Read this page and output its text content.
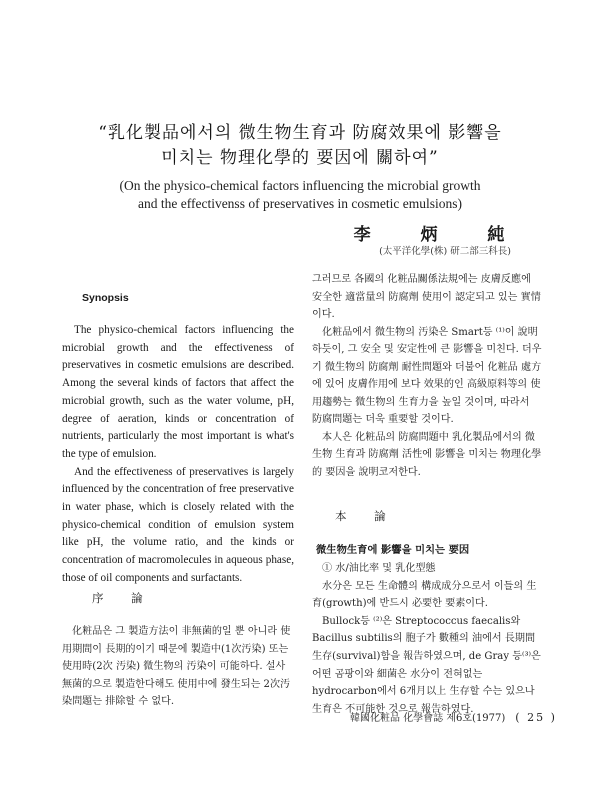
“乳化製品에서의 微生物生育과 防腐效果에 影響을
미치는 物理化學的 要因에 關하여”
(On the physico-chemical factors influencing the microbial growth
and the effectivenss of preservatives in cosmetic emulsions)
李 炳 純
(太平洋化學(株) 研二部三科長)
Synopsis

The physico-chemical factors influencing the microbial growth and the effectiveness of preservatives in cosmetic emulsions are described. Among the several kinds of factors that affect the microbial growth, such as the water volume, pH, degree of aeration, kinds or concentration of nutrients, particularly the most important is what's the type of emulsion.

And the effectiveness of preservatives is largely influenced by the concentration of free preservative in water phase, which is closely related with the physico-chemical condition of emulsion system like pH, the volume ratio, and the kinds or concentration of macromolecules in aqueous phase, those of oil components and surfactants.

序 論

化粧品은 그 製造方法이 非無菌的일 뿐 아니라 使用期間이 長期的이기 때문에 製造中(1次汚染) 또는 使用時(2次 汚染) 微生物의 汚染이 可能하다. 설사 無菌的으로 製造한다해도 使用中에 發生되는 2次汚染問題는 排除할 수 없다.

그러므로 各國의 化粧品關係法規에는 皮膚反應에 安全한 適當量의 防腐劑 使用이 認定되고 있는 實情이다.

化粧品에서 微生物의 汚染은 Smart등 ⁽¹⁾이 說明하듯이, 그 安全 및 安定性에 큰 影響을 미친다. 더우기 微生物의 防腐劑 耐性問題와 더불어 化粧品 處方에 있어 皮膚作用에 보다 效果的인 高級原料等의 使用趨勢는 微生物의 生育力을 높일 것이며, 따라서 防腐問題는 더욱 重要할 것이다.

本人은 化粧品의 防腐問題中 乳化製品에서의 微生物 生育과 防腐劑 活性에 影響을 미치는 物理化學的 要因을 說明코저한다.

本 論
微生物生育에 影響을 미치는 要因
① 水/油比率 및 乳化型態

水分은 모든 生命體의 構成成分으로서 이들의 生育(growth)에 반드시 必要한 要素이다.

Bullock등 ⁽²⁾은 Streptococcus faecalis와 Bacillus subtilis의 胞子가 數種의 油에서 長期間 生存(survival)함을 報告하였으며, de Gray 등⁽³⁾은 어떤 곰팡이와 細菌은 水分이 전혀없는 hydrocarbon에서 6개月以上 生存할 수는 있으나 生育은 不可能한 것으로 報告하였다.

韓國化粧品 化學會誌 제6호(1977) ( 25 )
